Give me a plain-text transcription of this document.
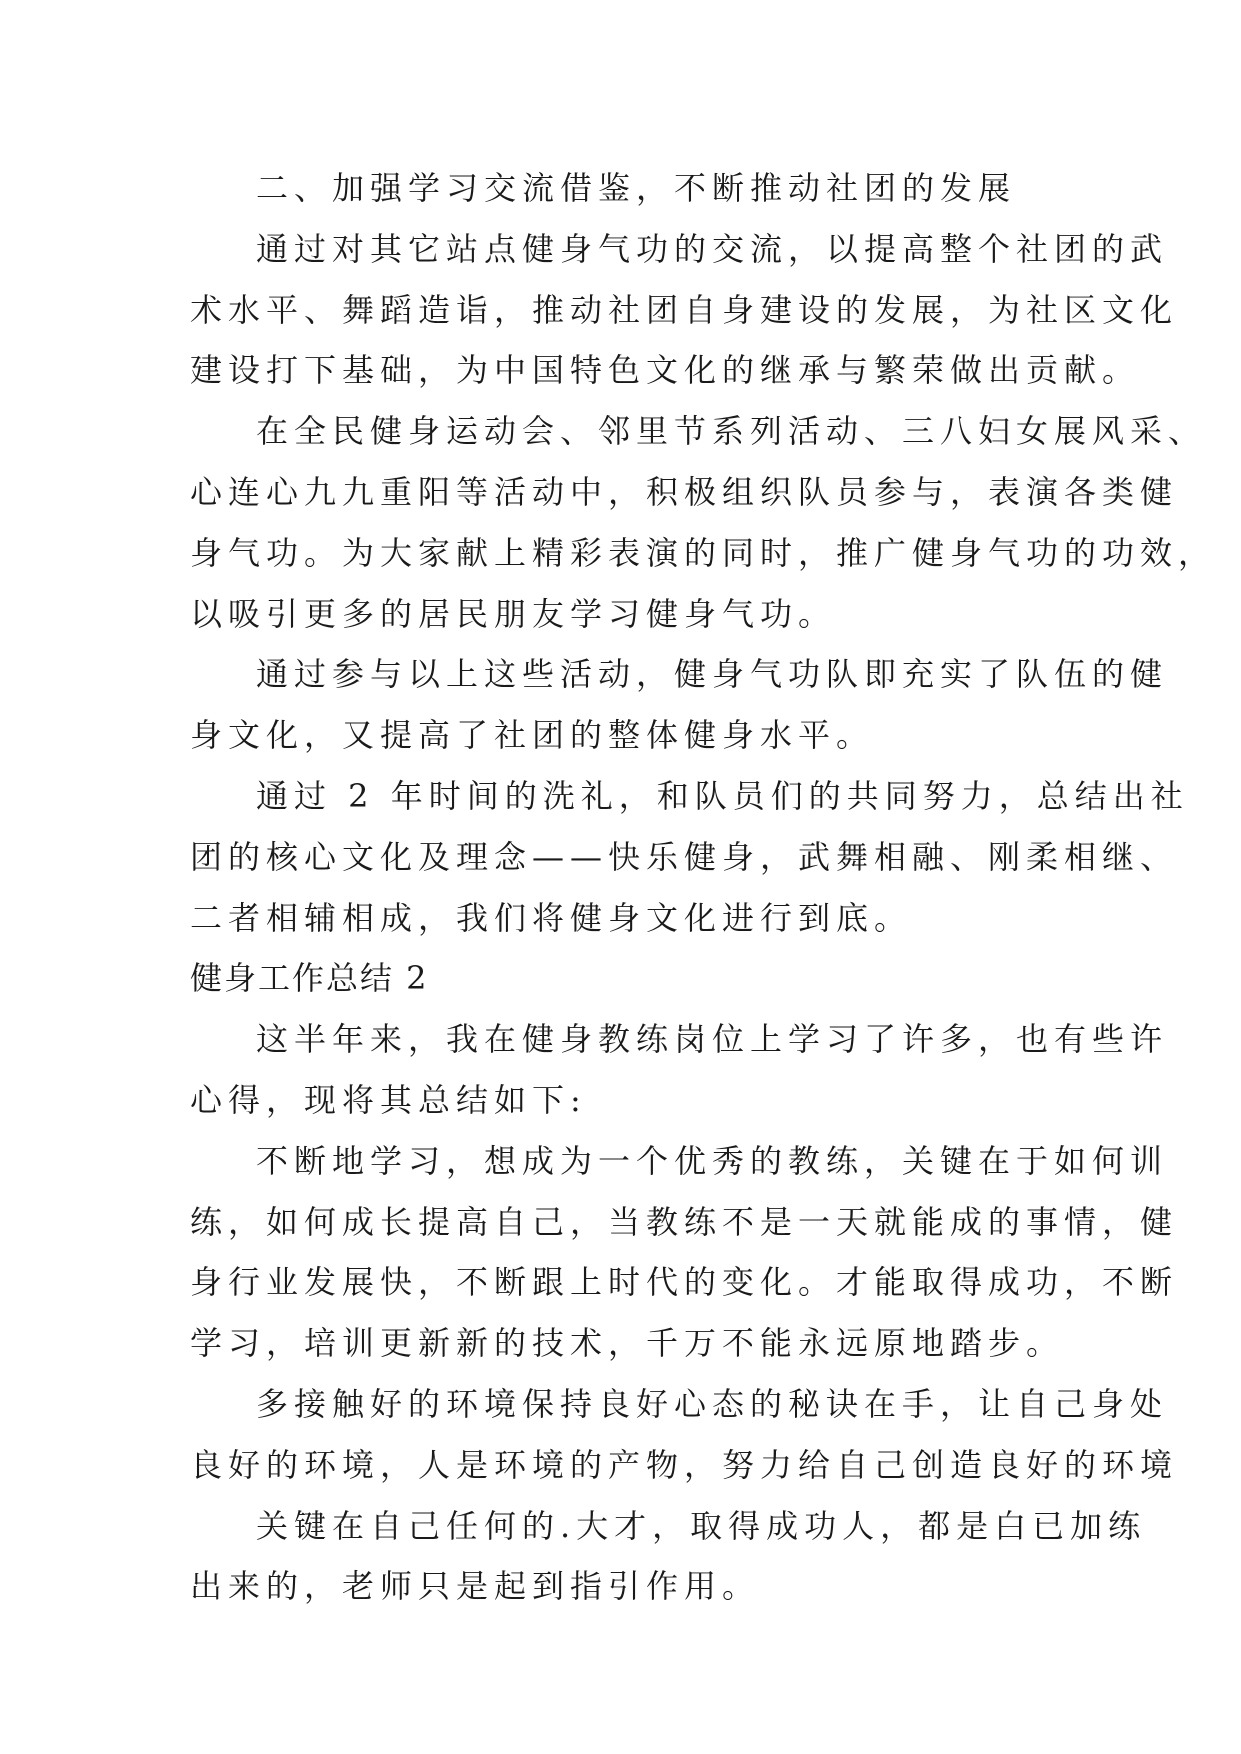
二、加强学习交流借鉴，不断推动社团的发展
通过对其它站点健身气功的交流，以提高整个社团的武
术水平、舞蹈造诣，推动社团自身建设的发展，为社区文化
建设打下基础，为中国特色文化的继承与繁荣做出贡献。
在全民健身运动会、邻里节系列活动、三八妇女展风采、
心连心九九重阳等活动中，积极组织队员参与，表演各类健
身气功。为大家献上精彩表演的同时，推广健身气功的功效，
以吸引更多的居民朋友学习健身气功。
通过参与以上这些活动，健身气功队即充实了队伍的健
身文化，又提高了社团的整体健身水平。
通过 2 年时间的洗礼，和队员们的共同努力，总结出社
团的核心文化及理念——快乐健身，武舞相融、刚柔相继、
二者相辅相成，我们将健身文化进行到底。
健身工作总结 2
这半年来，我在健身教练岗位上学习了许多，也有些许
心得，现将其总结如下:
不断地学习，想成为一个优秀的教练，关键在于如何训
练，如何成长提高自己，当教练不是一天就能成的事情，健
身行业发展快，不断跟上时代的变化。才能取得成功，不断
学习，培训更新新的技术，千万不能永远原地踏步。
多接触好的环境保持良好心态的秘诀在手，让自己身处
良好的环境，人是环境的产物，努力给自己创造良好的环境
关键在自己任何的.大才，取得成功人，都是白已加练
出来的，老师只是起到指引作用。
